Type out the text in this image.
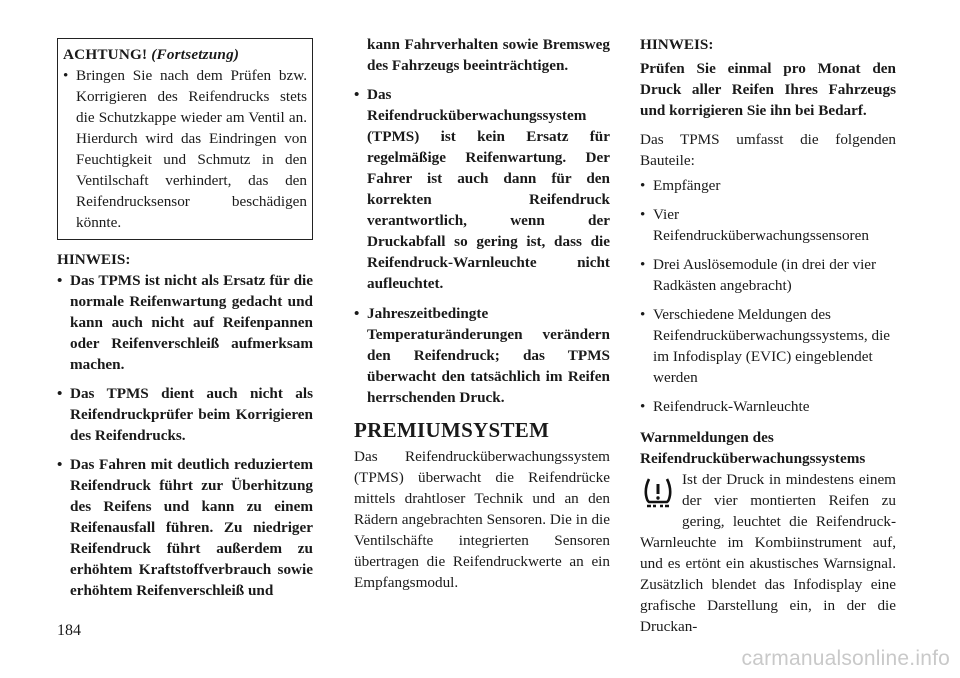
ACHTUNG! (Fortsetzung)
• Bringen Sie nach dem Prüfen bzw. Korrigieren des Reifendrucks stets die Schutzkappe wieder am Ventil an. Hierdurch wird das Eindringen von Feuchtigkeit und Schmutz in den Ventilschaft verhindert, das den Reifendrucksensor beschädigen könnte.
HINWEIS:
• Das TPMS ist nicht als Ersatz für die normale Reifenwartung gedacht und kann auch nicht auf Reifenpannen oder Reifenverschleiß aufmerksam machen.
• Das TPMS dient auch nicht als Reifendruckprüfer beim Korrigieren des Reifendrucks.
• Das Fahren mit deutlich reduziertem Reifendruck führt zur Überhitzung des Reifens und kann zu einem Reifenausfall führen. Zu niedriger Reifendruck führt außerdem zu erhöhtem Kraftstoffverbrauch sowie erhöhtem Reifenverschleiß und

kann Fahrverhalten sowie Bremsweg des Fahrzeugs beeinträchtigen.

• Das Reifendrucküberwachungssystem (TPMS) ist kein Ersatz für regelmäßige Reifenwartung. Der Fahrer ist auch dann für den korrekten Reifendruck verantwortlich, wenn der Druckabfall so gering ist, dass die Reifendruck-Warnleuchte nicht aufleuchtet.
• Jahreszeitbedingte Temperaturänderungen verändern den Reifendruck; das TPMS überwacht den tatsächlich im Reifen herrschenden Druck.
PREMIUMSYSTEM

Das Reifendrucküberwachungssystem (TPMS) überwacht die Reifendrücke mittels drahtloser Technik und an den Rädern angebrachten Sensoren. Die in die Ventilschäfte integrierten Sensoren übertragen die Reifendruckwerte an ein Empfangsmodul.

HINWEIS:

Prüfen Sie einmal pro Monat den Druck aller Reifen Ihres Fahrzeugs und korrigieren Sie ihn bei Bedarf.

Das TPMS umfasst die folgenden Bauteile:

• Empfänger
• Vier Reifendrucküberwachungssensoren
• Drei Auslösemodule (in drei der vier Radkästen angebracht)
• Verschiedene Meldungen des Reifendrucküberwachungssystems, die im Infodisplay (EVIC) eingeblendet werden
• Reifendruck-Warnleuchte
Warnmeldungen des Reifendrucküberwachungssystems

Ist der Druck in mindestens einem der vier montierten Reifen zu gering, leuchtet die Reifendruck-Warnleuchte im Kombiinstrument auf, und es ertönt ein akustisches Warnsignal. Zusätzlich blendet das Infodisplay eine grafische Darstellung ein, in der die Druckan-

184
carmanualsonline.info
